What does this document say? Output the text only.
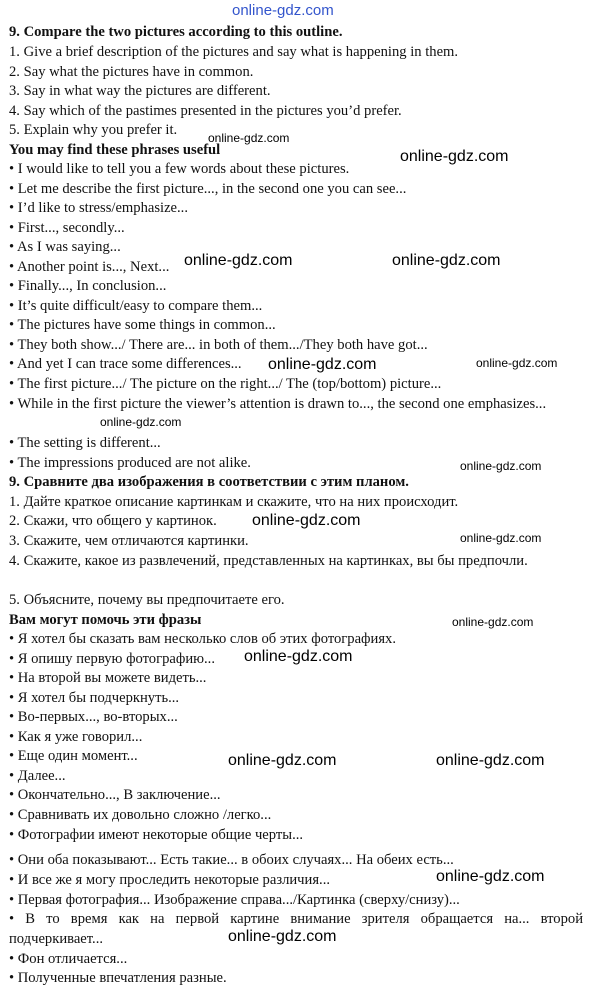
online-gdz.com
9. Compare the two pictures according to this outline.
1. Give a brief description of the pictures and say what is happening in them.
2. Say what the pictures have in common.
3. Say in what way the pictures are different.
4. Say which of the pastimes presented in the pictures you’d prefer.
5. Explain why you prefer it.
You may find these phrases useful
• I would like to tell you a few words about these pictures.
• Let me describe the first picture..., in the second one you can see...
• I’d like to stress/emphasize...
• First..., secondly...
• As I was saying...
• Another point is..., Next...
• Finally..., In conclusion...
• It’s quite difficult/easy to compare them...
• The pictures have some things in common...
• They both show.../ There are... in both of them.../They both have got...
• And yet I can trace some differences...
• The first picture.../ The picture on the right.../ The (top/bottom) picture...
• While in the first picture the viewer’s attention is drawn to..., the second one emphasizes...
• The setting is different...
• The impressions produced are not alike.
9. Сравните два изображения в соответствии с этим планом.
1. Дайте краткое описание картинкам и скажите, что на них происходит.
2. Скажи, что общего у картинок.
3. Скажите, чем отличаются картинки.
4. Скажите, какое из развлечений, представленных на картинках, вы бы предпочли.
5. Объясните, почему вы предпочитаете его.
Вам могут помочь эти фразы
• Я хотел бы сказать вам несколько слов об этих фотографиях.
• Я опишу первую фотографию...
• На второй вы можете видеть...
• Я хотел бы подчеркнуть...
• Во-первых..., во-вторых...
• Как я уже говорил...
• Еще один момент...
• Далее...
• Окончательно..., В заключение...
• Сравнивать их довольно сложно /легко...
• Фотографии имеют некоторые общие черты...
• Они оба показывают... Есть такие... в обоих случаях... На обеих есть...
• И все же я могу проследить некоторые различия...
• Первая фотография... Изображение справа.../Картинка (сверху/снизу)...
• В то время как на первой картине внимание зрителя обращается на... второй подчеркивает...
• Фон отличается...
• Полученные впечатления разные.
online-gdz.com
online-gdz.com
online-gdz.com	online-gdz.com
online-gdz.com	online-gdz.com
online-gdz.com
online-gdz.com
online-gdz.com
online-gdz.com
online-gdz.com
online-gdz.com
online-gdz.com	online-gdz.com
online-gdz.com
online-gdz.com
